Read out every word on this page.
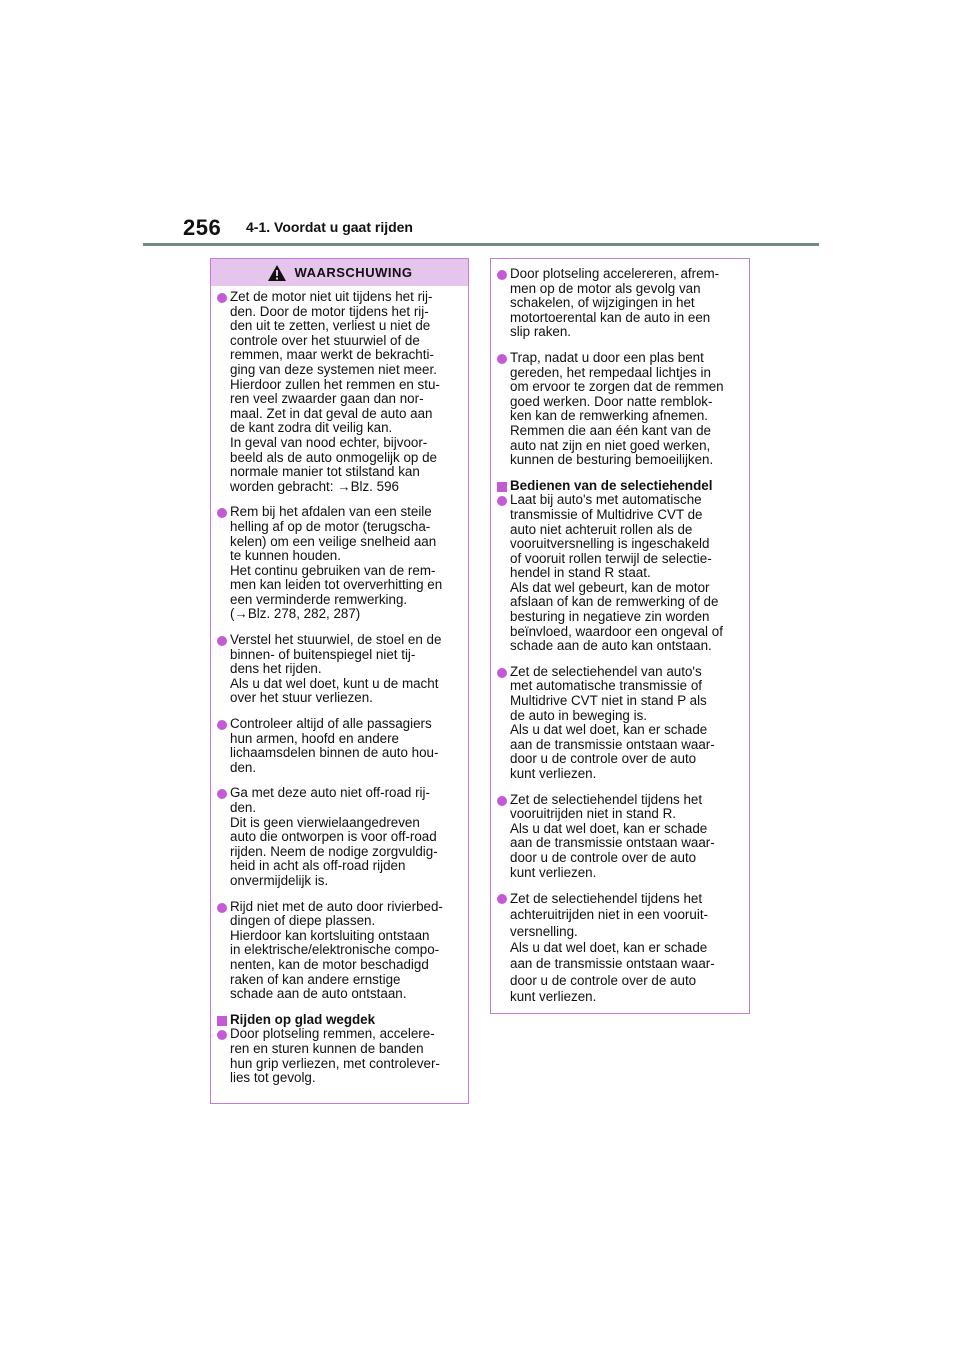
256 4-1. Voordat u gaat rijden
WAARSCHUWING
Zet de motor niet uit tijdens het rij-
den. Door de motor tijdens het rij-
den uit te zetten, verliest u niet de
controle over het stuurwiel of de
remmen, maar werkt de bekrachti-
ging van deze systemen niet meer.
Hierdoor zullen het remmen en stu-
ren veel zwaarder gaan dan nor-
maal. Zet in dat geval de auto aan
de kant zodra dit veilig kan.
In geval van nood echter, bijvoor-
beeld als de auto onmogelijk op de
normale manier tot stilstand kan
worden gebracht: →Blz. 596
Rem bij het afdalen van een steile
helling af op de motor (terugscha-
kelen) om een veilige snelheid aan
te kunnen houden.
Het continu gebruiken van de rem-
men kan leiden tot oververhitting en
een verminderde remwerking.
(→Blz. 278, 282, 287)
Verstel het stuurwiel, de stoel en de
binnen- of buitenspiegel niet tij-
dens het rijden.
Als u dat wel doet, kunt u de macht
over het stuur verliezen.
Controleer altijd of alle passagiers
hun armen, hoofd en andere
lichaamsdelen binnen de auto hou-
den.
Ga met deze auto niet off-road rij-
den.
Dit is geen vierwielaangedreven
auto die ontworpen is voor off-road
rijden. Neem de nodige zorgvuldig-
heid in acht als off-road rijden
onvermijdelijk is.
Rijd niet met de auto door rivierbed-
dingen of diepe plassen.
Hierdoor kan kortsluiting ontstaan
in elektrische/elektronische compo-
nenten, kan de motor beschadigd
raken of kan andere ernstige
schade aan de auto ontstaan.
Rijden op glad wegdek
Door plotseling remmen, accelere-
ren en sturen kunnen de banden
hun grip verliezen, met controlever-
lies tot gevolg.
Door plotseling accelereren, afrem-
men op de motor als gevolg van
schakelen, of wijzigingen in het
motortoerental kan de auto in een
slip raken.
Trap, nadat u door een plas bent
gereden, het rempedaal lichtjes in
om ervoor te zorgen dat de remmen
goed werken. Door natte remblok-
ken kan de remwerking afnemen.
Remmen die aan één kant van de
auto nat zijn en niet goed werken,
kunnen de besturing bemoeilijken.
Bedienen van de selectiehendel
Laat bij auto's met automatische
transmissie of Multidrive CVT de
auto niet achteruit rollen als de
vooruitversnelling is ingeschakeld
of vooruit rollen terwijl de selectie-
hendel in stand R staat.
Als dat wel gebeurt, kan de motor
afslaan of kan de remwerking of de
besturing in negatieve zin worden
beïnvloed, waardoor een ongeval of
schade aan de auto kan ontstaan.
Zet de selectiehendel van auto's
met automatische transmissie of
Multidrive CVT niet in stand P als
de auto in beweging is.
Als u dat wel doet, kan er schade
aan de transmissie ontstaan waar-
door u de controle over de auto
kunt verliezen.
Zet de selectiehendel tijdens het
vooruitrijden niet in stand R.
Als u dat wel doet, kan er schade
aan de transmissie ontstaan waar-
door u de controle over de auto
kunt verliezen.
Zet de selectiehendel tijdens het
achteruitrijden niet in een vooruit-
versnelling.
Als u dat wel doet, kan er schade
aan de transmissie ontstaan waar-
door u de controle over de auto
kunt verliezen.
